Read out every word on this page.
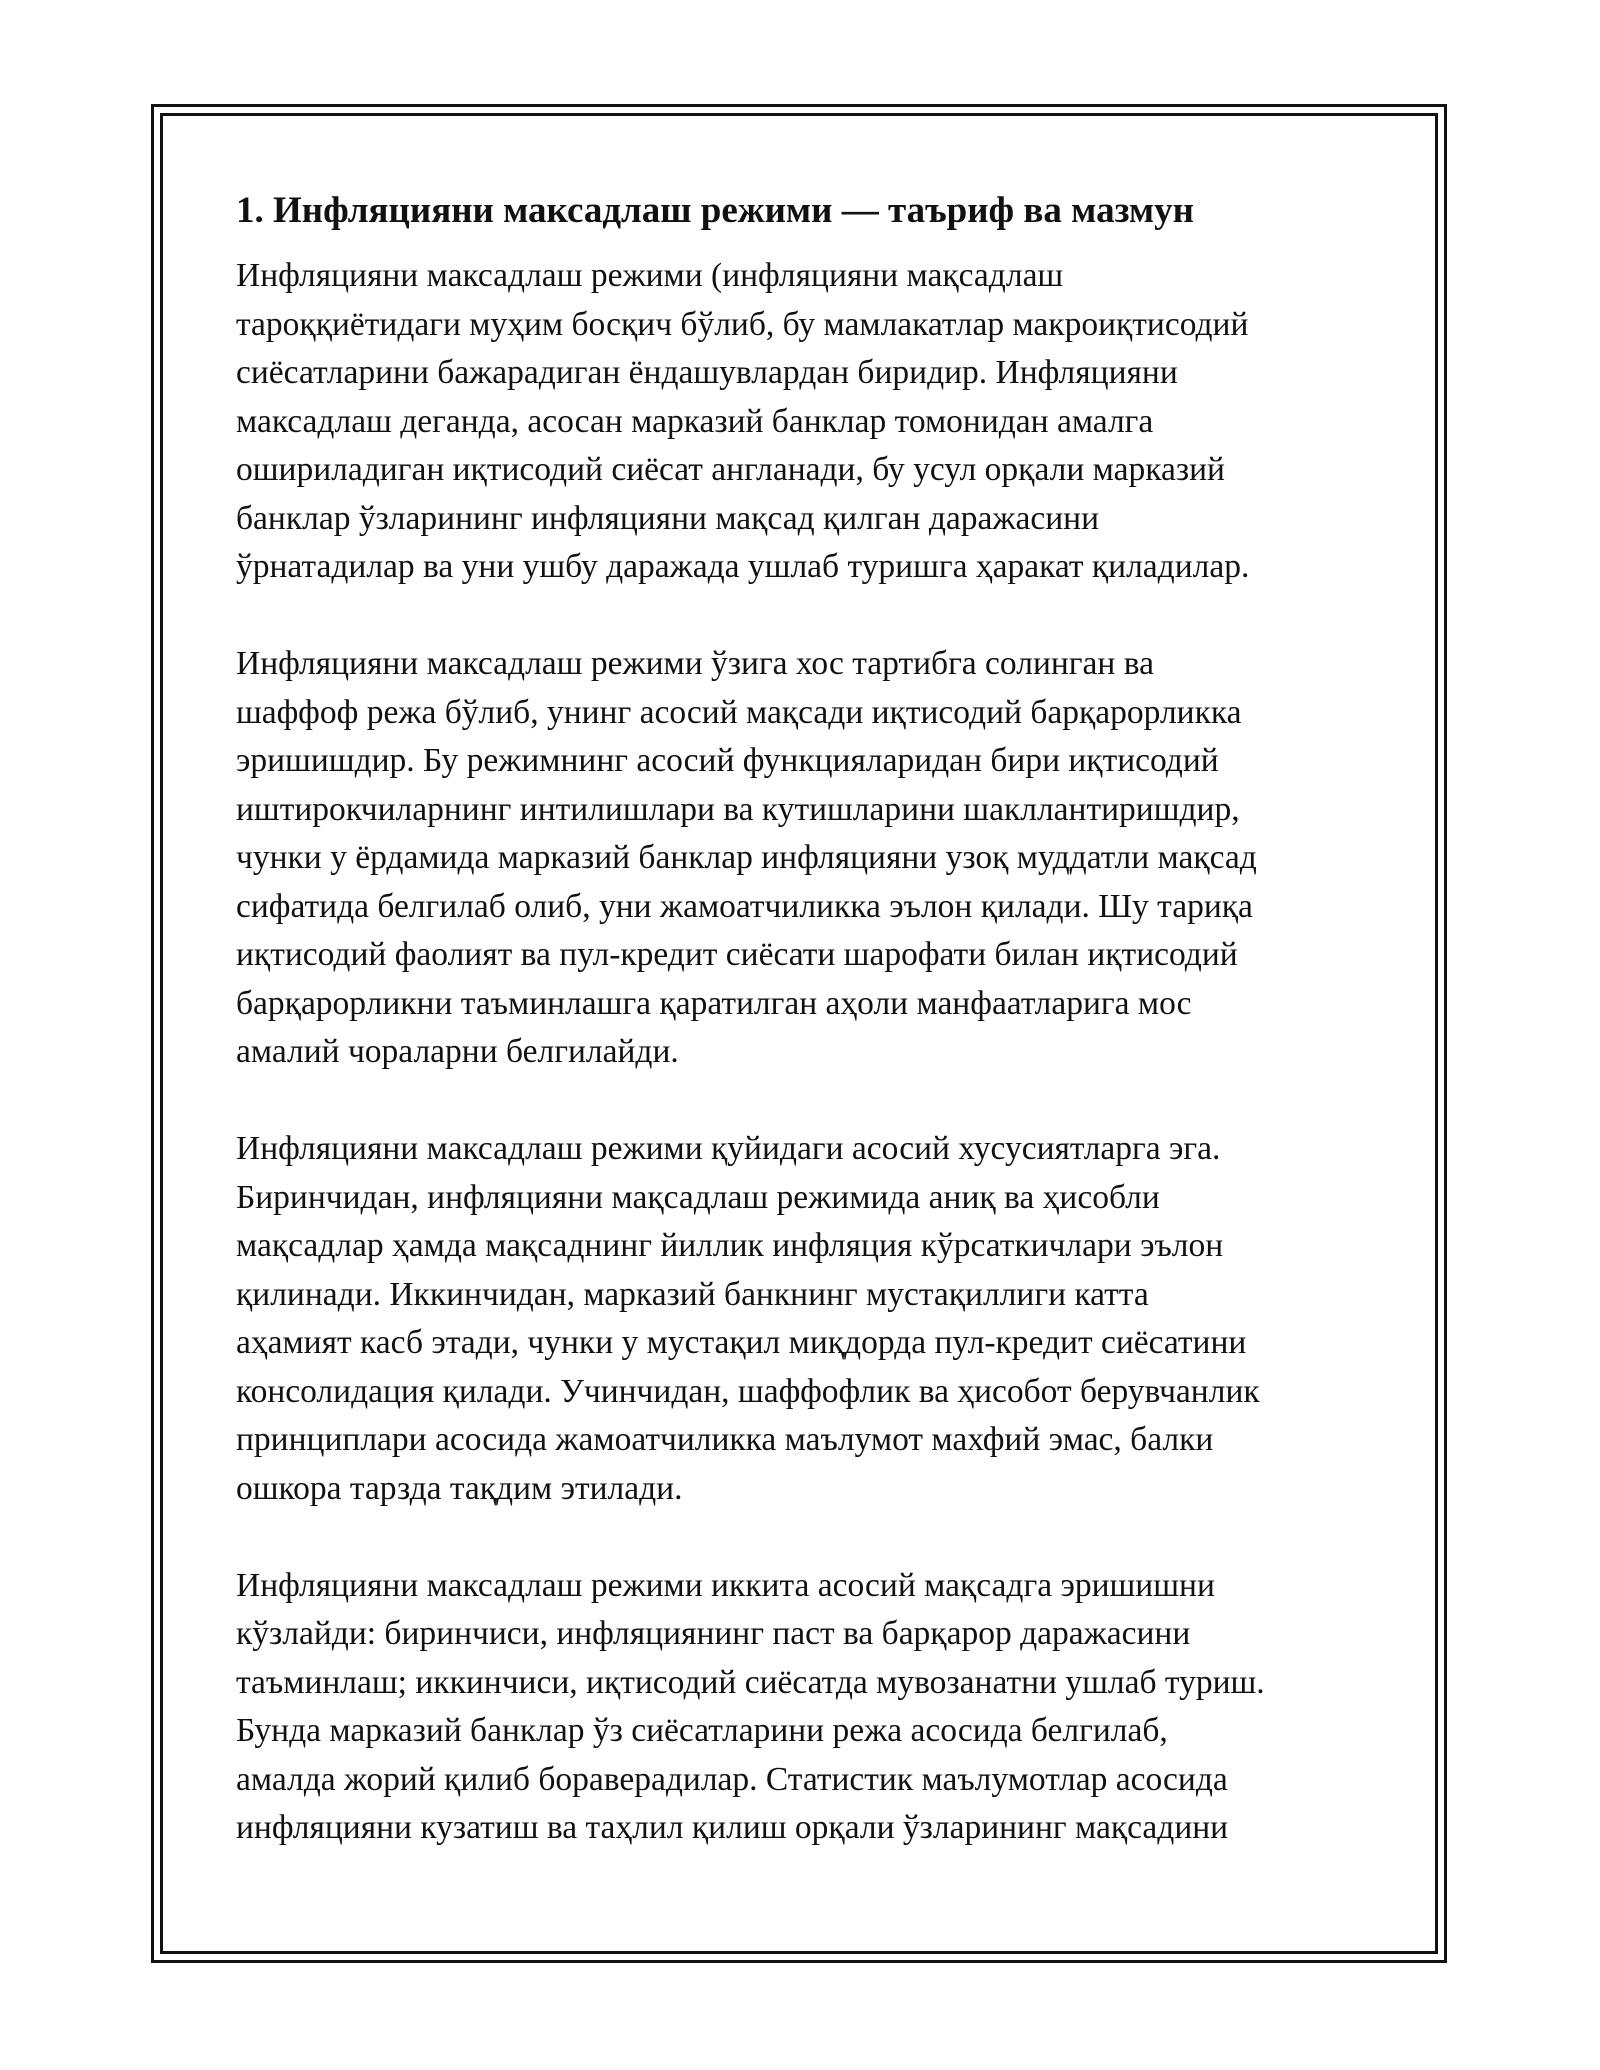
1. Инфляцияни максадлаш режими — таъриф ва мазмун

Инфляцияни максадлаш режими (инфляцияни мақсадлаш
тароққиётидаги муҳим босқич бўлиб, бу мамлакатлар макроиқтисодий
сиёсатларини бажарадиган ёндашувлардан биридир. Инфляцияни
максадлаш деганда, асосан марказий банклар томонидан амалга
ошириладиган иқтисодий сиёсат англанади, бу усул орқали марказий
банклар ўзларининг инфляцияни мақсад қилган даражасини
ўрнатадилар ва уни ушбу даражада ушлаб туришга ҳаракат қиладилар.

Инфляцияни максадлаш режими ўзига хос тартибга солинган ва
шаффоф режа бўлиб, унинг асосий мақсади иқтисодий барқарорликка
эришишдир. Бу режимнинг асосий функцияларидан бири иқтисодий
иштирокчиларнинг интилишлари ва кутишларини шакллантиришдир,
чунки у ёрдамида марказий банклар инфляцияни узоқ муддатли мақсад
сифатида белгилаб олиб, уни жамоатчиликка эълон қилади. Шу тариқа
иқтисодий фаолият ва пул-кредит сиёсати шарофати билан иқтисодий
барқарорликни таъминлашга қаратилган аҳоли манфаатларига мос
амалий чораларни белгилайди.

Инфляцияни максадлаш режими қуйидаги асосий хусусиятларга эга.
Биринчидан, инфляцияни мақсадлаш режимида аниқ ва ҳисобли
мақсадлар ҳамда мақсаднинг йиллик инфляция кўрсаткичлари эълон
қилинади. Иккинчидан, марказий банкнинг мустақиллиги катта
аҳамият касб этади, чунки у мустақил миқдорда пул-кредит сиёсатини
консолидация қилади. Учинчидан, шаффофлик ва ҳисобот берувчанлик
принциплари асосида жамоатчиликка маълумот махфий эмас, балки
ошкора тарзда тақдим этилади.

Инфляцияни максадлаш режими иккита асосий мақсадга эришишни
кўзлайди: биринчиси, инфляциянинг паст ва барқарор даражасини
таъминлаш; иккинчиси, иқтисодий сиёсатда мувозанатни ушлаб туриш.
Бунда марказий банклар ўз сиёсатларини режа асосида белгилаб,
амалда жорий қилиб бораверадилар. Статистик маълумотлар асосида
инфляцияни кузатиш ва таҳлил қилиш орқали ўзларининг мақсадини
